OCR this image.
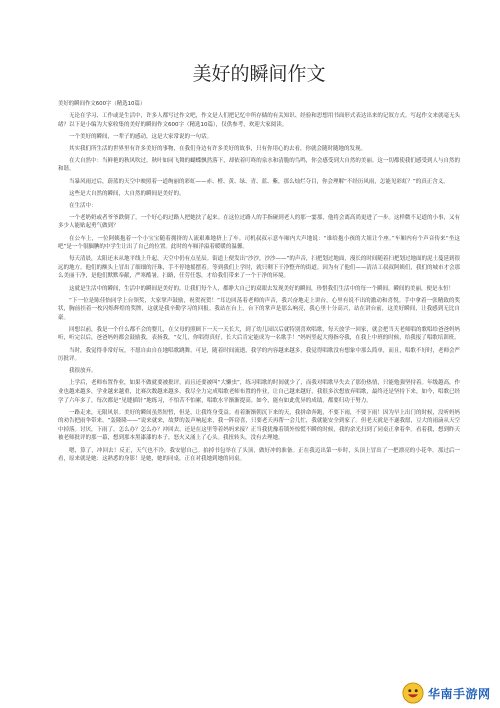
美好的瞬间作文
美好的瞬间作文600字（精选10篇）

无论在学习、工作或是生活中，许多人都写过作文吧，作文是人们把记忆中所存储的有关知识、经验和思想用书面形式表达出来的记叙方式。写起作文来就毫无头绪？以下是小编为大家收集的美好的瞬间作文600字（精选10篇），仅供参考，欢迎大家阅读。

一个美好的瞬间，一辈子的感动，这是大家常说的一句话。

其实我们所生活的世界里有许多美好的事物，在我们身边有许多美好的故事，只有你用心的去看，你就会随时随地的发现。

在大自然中：当鲜艳的秋风吹过，秋叶如同飞舞的蝴蝶飘然落下，却依着叮咚的泉水和清脆的鸟鸣，你会感受到大自然的美丽。这一切都使我们感受到人与自然的和谐。

当暴风雨过后，蔚蓝的天空中映照着一道绚丽的彩虹——赤、橙、黄、绿、青、蓝、紫，那么灿烂夺目，你会理解“不经历风雨，怎能见彩虹？”的真正含义。

这些是大自然的瞬间，大自然的瞬间是美好的。

在生活中：

一个老奶奶或者爷爷跌倒了，一个好心的过路人把她扶了起来。在这位过路人的手指碰到老人的那一霎那，他将会离高尚更进了一步。这样微不足道的小事，又有多少人能贴起勇气做到？

在公车上，一位阿姨抱着一个小宝宝随着拥挤的人流艰难地挤上了车。司机叔叔示意车厢内大声地说：“谁给抱小孩的大姐让个座。”车厢内有个声音传来“坐这吧”是一个很腼腆的中学生让出了自己的位置。此时的车厢洋溢着暖暖的温馨。

每天清晨，太阳还未从地平线上升起，天空中仍有点星辰。街道上便发出“沙沙，沙沙——”的声音，扫把划过地面，漫长的时间随着扫把划过地面的泥土蔓延到很远的地方。他们的额头上冒出了细细的汗珠，手不停地摇摆着。等到我们上学时，就只剩下干净整齐的街道。因为有了他们——清洁工叔叔阿姨们，我们的城市才会那么美丽干净，是他们默默奉献，严寒酷暑，扫路，任劳任怨，才给我们带来了一个干净的环境。

这就是生活中的瞬间，生活中的瞬间是美好的。让我们每个人，都睁大自己的双眼去发现美好的瞬间，珍惜我们生活中的每一个瞬间。瞬间的美丽，便是永恒！

“下一位是陈佳怡同学上台领奖，大家掌声鼓励，祝贺祝贺！”耳边回荡着老师的声音，我兴奋地走上讲台，心里有说不出的激动和喜悦。手中拿着一张精致的奖状，胸前挂着一枚闪烁辉煌的奖牌，这就是我辛勤学习的回报。我站在台上，台下的掌声是那么响亮，我心里十分高兴，站在讲台前，这美好瞬间，让我感到无比自豪。

回想以前，我是一个什么都不会的婴儿，在父母的照顾下一天一天长大，到了幼儿园以后就特别喜欢唱歌，每天放学一回家，就会把当天老师唱的歌唱给爸爸妈妈听，听完以后，爸爸妈妈都会鼓励我，表扬我，“女儿，你唱得真好，长大后肯定能成为一名歌手！”妈妈竖起大拇指夸我，在我上中班的时候，给我报了唱歌培训班。

当时，我觉得非常好玩，不愿自由自在地唱歌跳舞。可是，随着时间流逝，我学的内容越来越多，我觉得唱歌没有想象中那么简单，而且，唱歌不好时，老师会严厉批评。

我很放弃。

上学后，老师布置作业，如果不做就要被批评，而且还要被叫“大懒虫”，练习唱歌的时间就少了，而我对唱歌早失去了那份热情，只能勉强坚持着。年级越高，作业也越来越多，学业越来越重，比赛次数越来越多，我尽全力完成唱歌老师布置的作业，让自己越来越好，我很多次想放弃唱歌，最终还是坚持下来，如今，唱歌已经学了六年多了，每次都是“见缝插针”地练习，不怕苦不怕累，唱歌水平渐渐提高。如今，能有如此优异的成绩，都要归功于努力。

一路走来，无限风景。美好的瞬间虽然短暂，但是，让我终身受益。看着渐渐朝沉下来的天，我拼命奔跑，不要下雨，不要下雨！因为早上出门的时候，没听妈妈的劝告把雨伞带来。“轰隆隆——”说来就来，故梦的轰声响起来，我一阵窃喜，只要老天再帮一会儿忙，我就能安全到家了。但老天就是不遂我愿，豆大的雨滴从天空中掉落。讨厌，下雨了。怎么办？怎么办？冲回去，还是在这里等着妈妈来接？正当我犹豫着锁外惊慌不瞬的时候，我的余光扫到了同桌正拿着伞。看着我，想到昨天被老师批评的那一幕，想到那本黑漆漆的本子，怒火又涌上了心头。我扭转头，没有去理她。

嗯，算了，冲回去！反正，天气也不冷，我安慰自己。拍掉书包举在了头顶，做好冲的准备。正在我迈出第一步时，头顶上冒出了一把漂亮的小花伞。那过后一看，原来就是她：这熟悉的身影！是她，她的同桌，正在对我她到她的同桌。

华南手游网
